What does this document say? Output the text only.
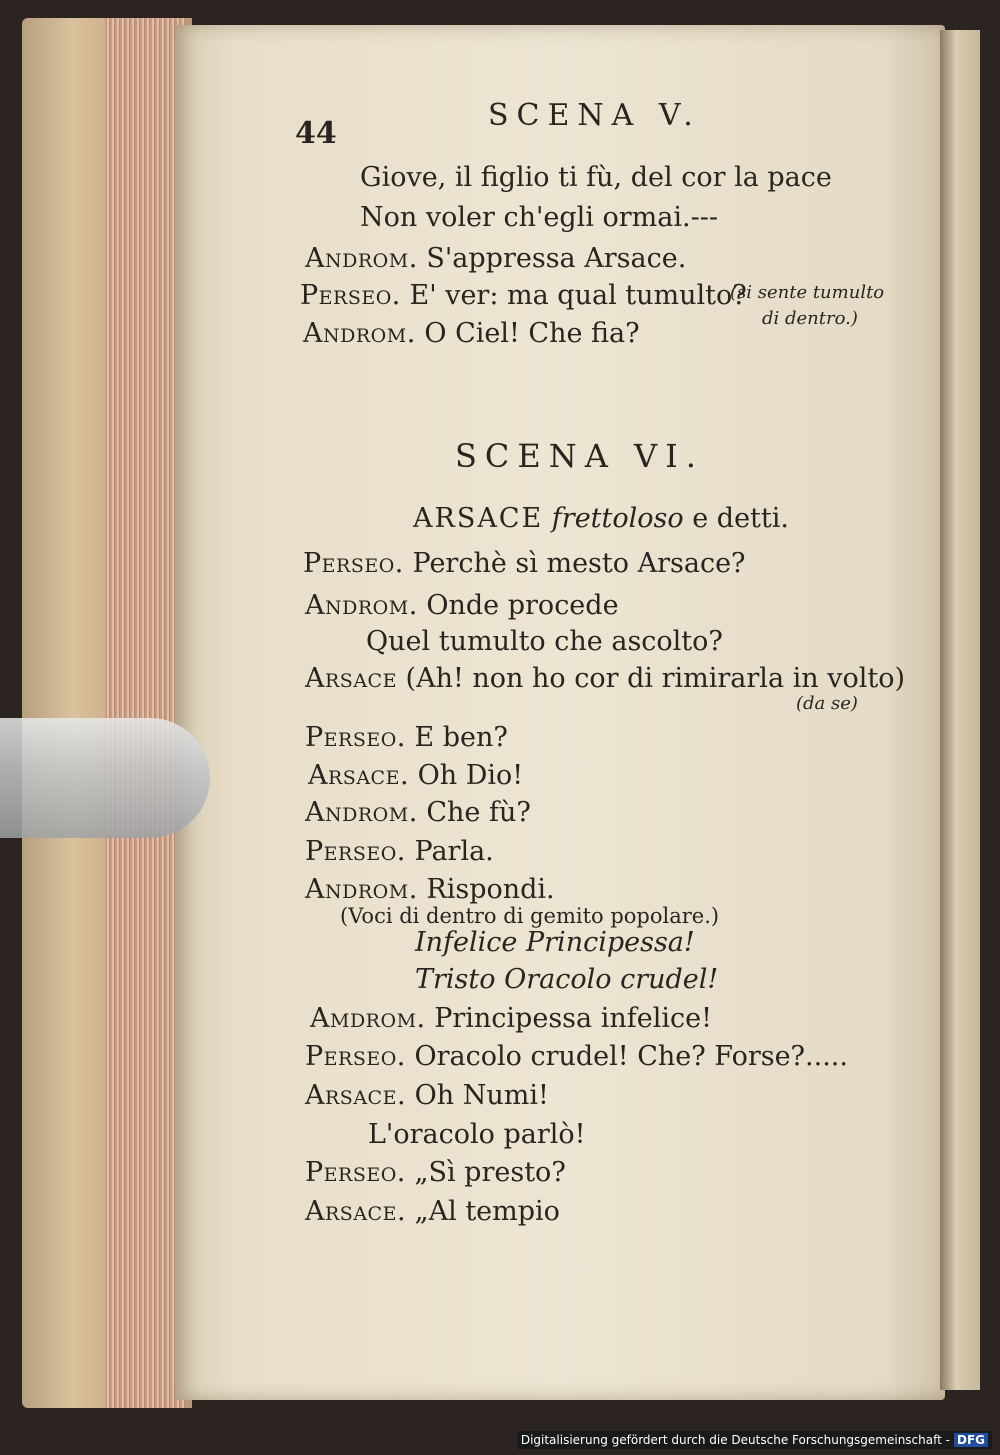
44
SCENA V.
Giove, il figlio ti fù, del cor la pace
Non voler ch'egli ormai.---
Androm. S'appressa Arsace.
Perseo. E' ver: ma qual tumulto?
Androm. O Ciel! Che fia?
(si sente tumulto
di dentro.)
SCENA VI.
ARSACE frettoloso e detti.
Perseo. Perchè sì mesto Arsace?
Androm. Onde procede
Quel tumulto che ascolto?
Arsace (Ah! non ho cor di rimirarla in volto)
(da se)
Perseo. E ben?
Arsace. Oh Dio!
Androm. Che fù?
Perseo. Parla.
Androm. Rispondi.
(Voci di dentro di gemito popolare.)
Infelice Principessa!
Tristo Oracolo crudel!
Amdrom. Principessa infelice!
Perseo. Oracolo crudel! Che? Forse?.....
Arsace. Oh Numi!
L'oracolo parlò!
Perseo. „Sì presto?
Arsace. „Al tempio
Digitalisierung gefördert durch die Deutsche Forschungsgemeinschaft - DFG
